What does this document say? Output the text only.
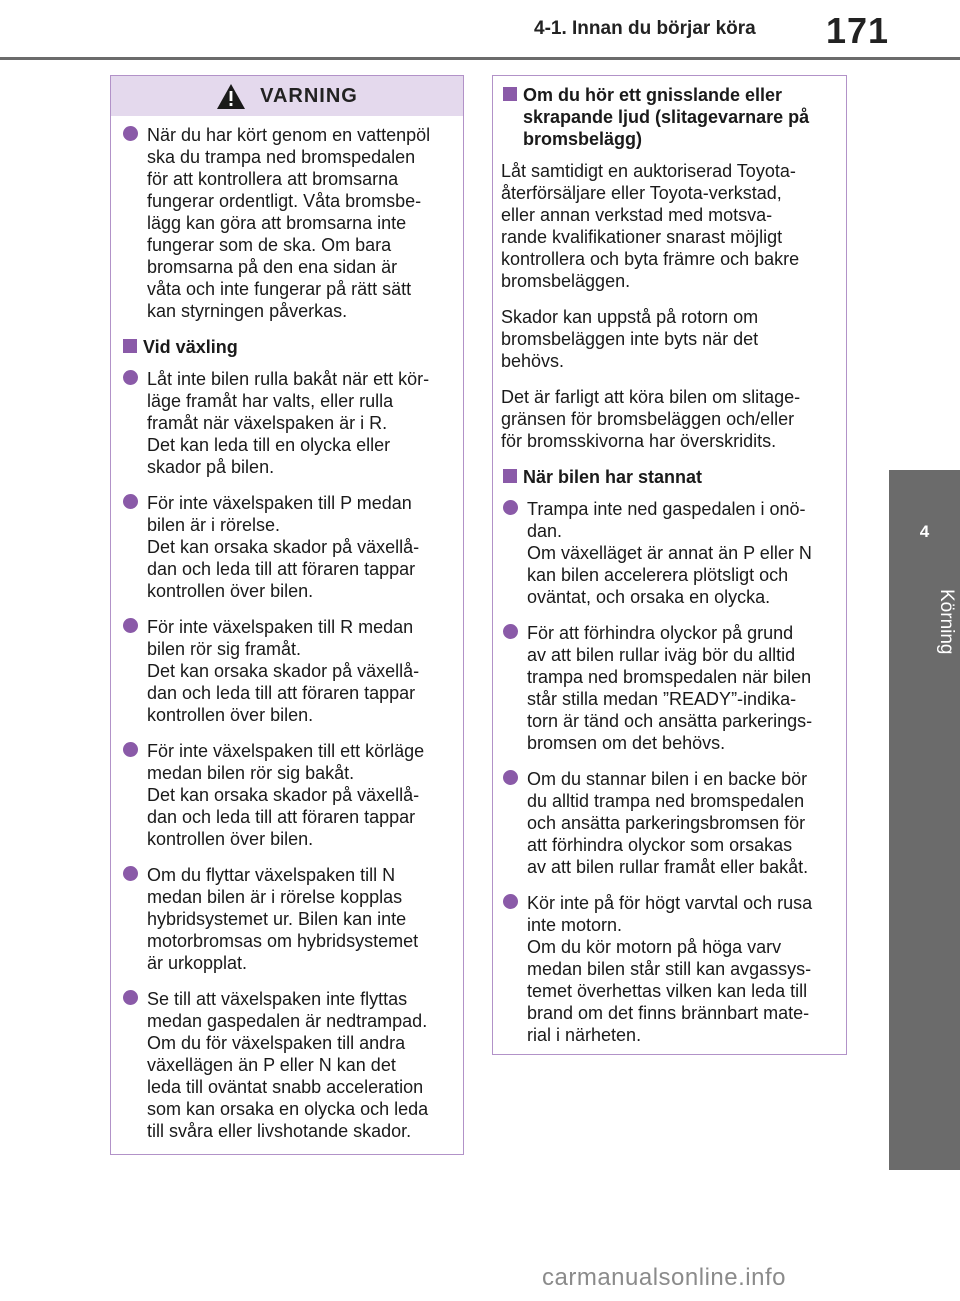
4-1. Innan du börjar köra 171
4
Körning
VARNING

När du har kört genom en vattenpöl
ska du trampa ned bromspedalen
för att kontrollera att bromsarna
fungerar ordentligt. Våta bromsbe-
lägg kan göra att bromsarna inte
fungerar som de ska. Om bara
bromsarna på den ena sidan är
våta och inte fungerar på rätt sätt
kan styrningen påverkas.

Vid växling

Låt inte bilen rulla bakåt när ett kör-
läge framåt har valts, eller rulla
framåt när växelspaken är i R.
Det kan leda till en olycka eller
skador på bilen.

För inte växelspaken till P medan
bilen är i rörelse.
Det kan orsaka skador på växellå-
dan och leda till att föraren tappar
kontrollen över bilen.

För inte växelspaken till R medan
bilen rör sig framåt.
Det kan orsaka skador på växellå-
dan och leda till att föraren tappar
kontrollen över bilen.

För inte växelspaken till ett körläge
medan bilen rör sig bakåt.
Det kan orsaka skador på växellå-
dan och leda till att föraren tappar
kontrollen över bilen.

Om du flyttar växelspaken till N
medan bilen är i rörelse kopplas
hybridsystemet ur. Bilen kan inte
motorbromsas om hybridsystemet
är urkopplat.

Se till att växelspaken inte flyttas
medan gaspedalen är nedtrampad.
Om du för växelspaken till andra
växellägen än P eller N kan det
leda till oväntat snabb acceleration
som kan orsaka en olycka och leda
till svåra eller livshotande skador.

Om du hör ett gnisslande eller
skrapande ljud (slitagevarnare på
bromsbelägg)

Låt samtidigt en auktoriserad Toyota-
återförsäljare eller Toyota-verkstad,
eller annan verkstad med motsva-
rande kvalifikationer snarast möjligt
kontrollera och byta främre och bakre
bromsbeläggen.

Skador kan uppstå på rotorn om
bromsbeläggen inte byts när det
behövs.

Det är farligt att köra bilen om slitage-
gränsen för bromsbeläggen och/eller
för bromsskivorna har överskridits.

När bilen har stannat

Trampa inte ned gaspedalen i onö-
dan.
Om växelläget är annat än P eller N
kan bilen accelerera plötsligt och
oväntat, och orsaka en olycka.

För att förhindra olyckor på grund
av att bilen rullar iväg bör du alltid
trampa ned bromspedalen när bilen
står stilla medan ”READY”-indika-
torn är tänd och ansätta parkerings-
bromsen om det behövs.

Om du stannar bilen i en backe bör
du alltid trampa ned bromspedalen
och ansätta parkeringsbromsen för
att förhindra olyckor som orsakas
av att bilen rullar framåt eller bakåt.

Kör inte på för högt varvtal och rusa
inte motorn.
Om du kör motorn på höga varv
medan bilen står still kan avgassys-
temet överhettas vilken kan leda till
brand om det finns brännbart mate-
rial i närheten.

carmanualsonline.info
